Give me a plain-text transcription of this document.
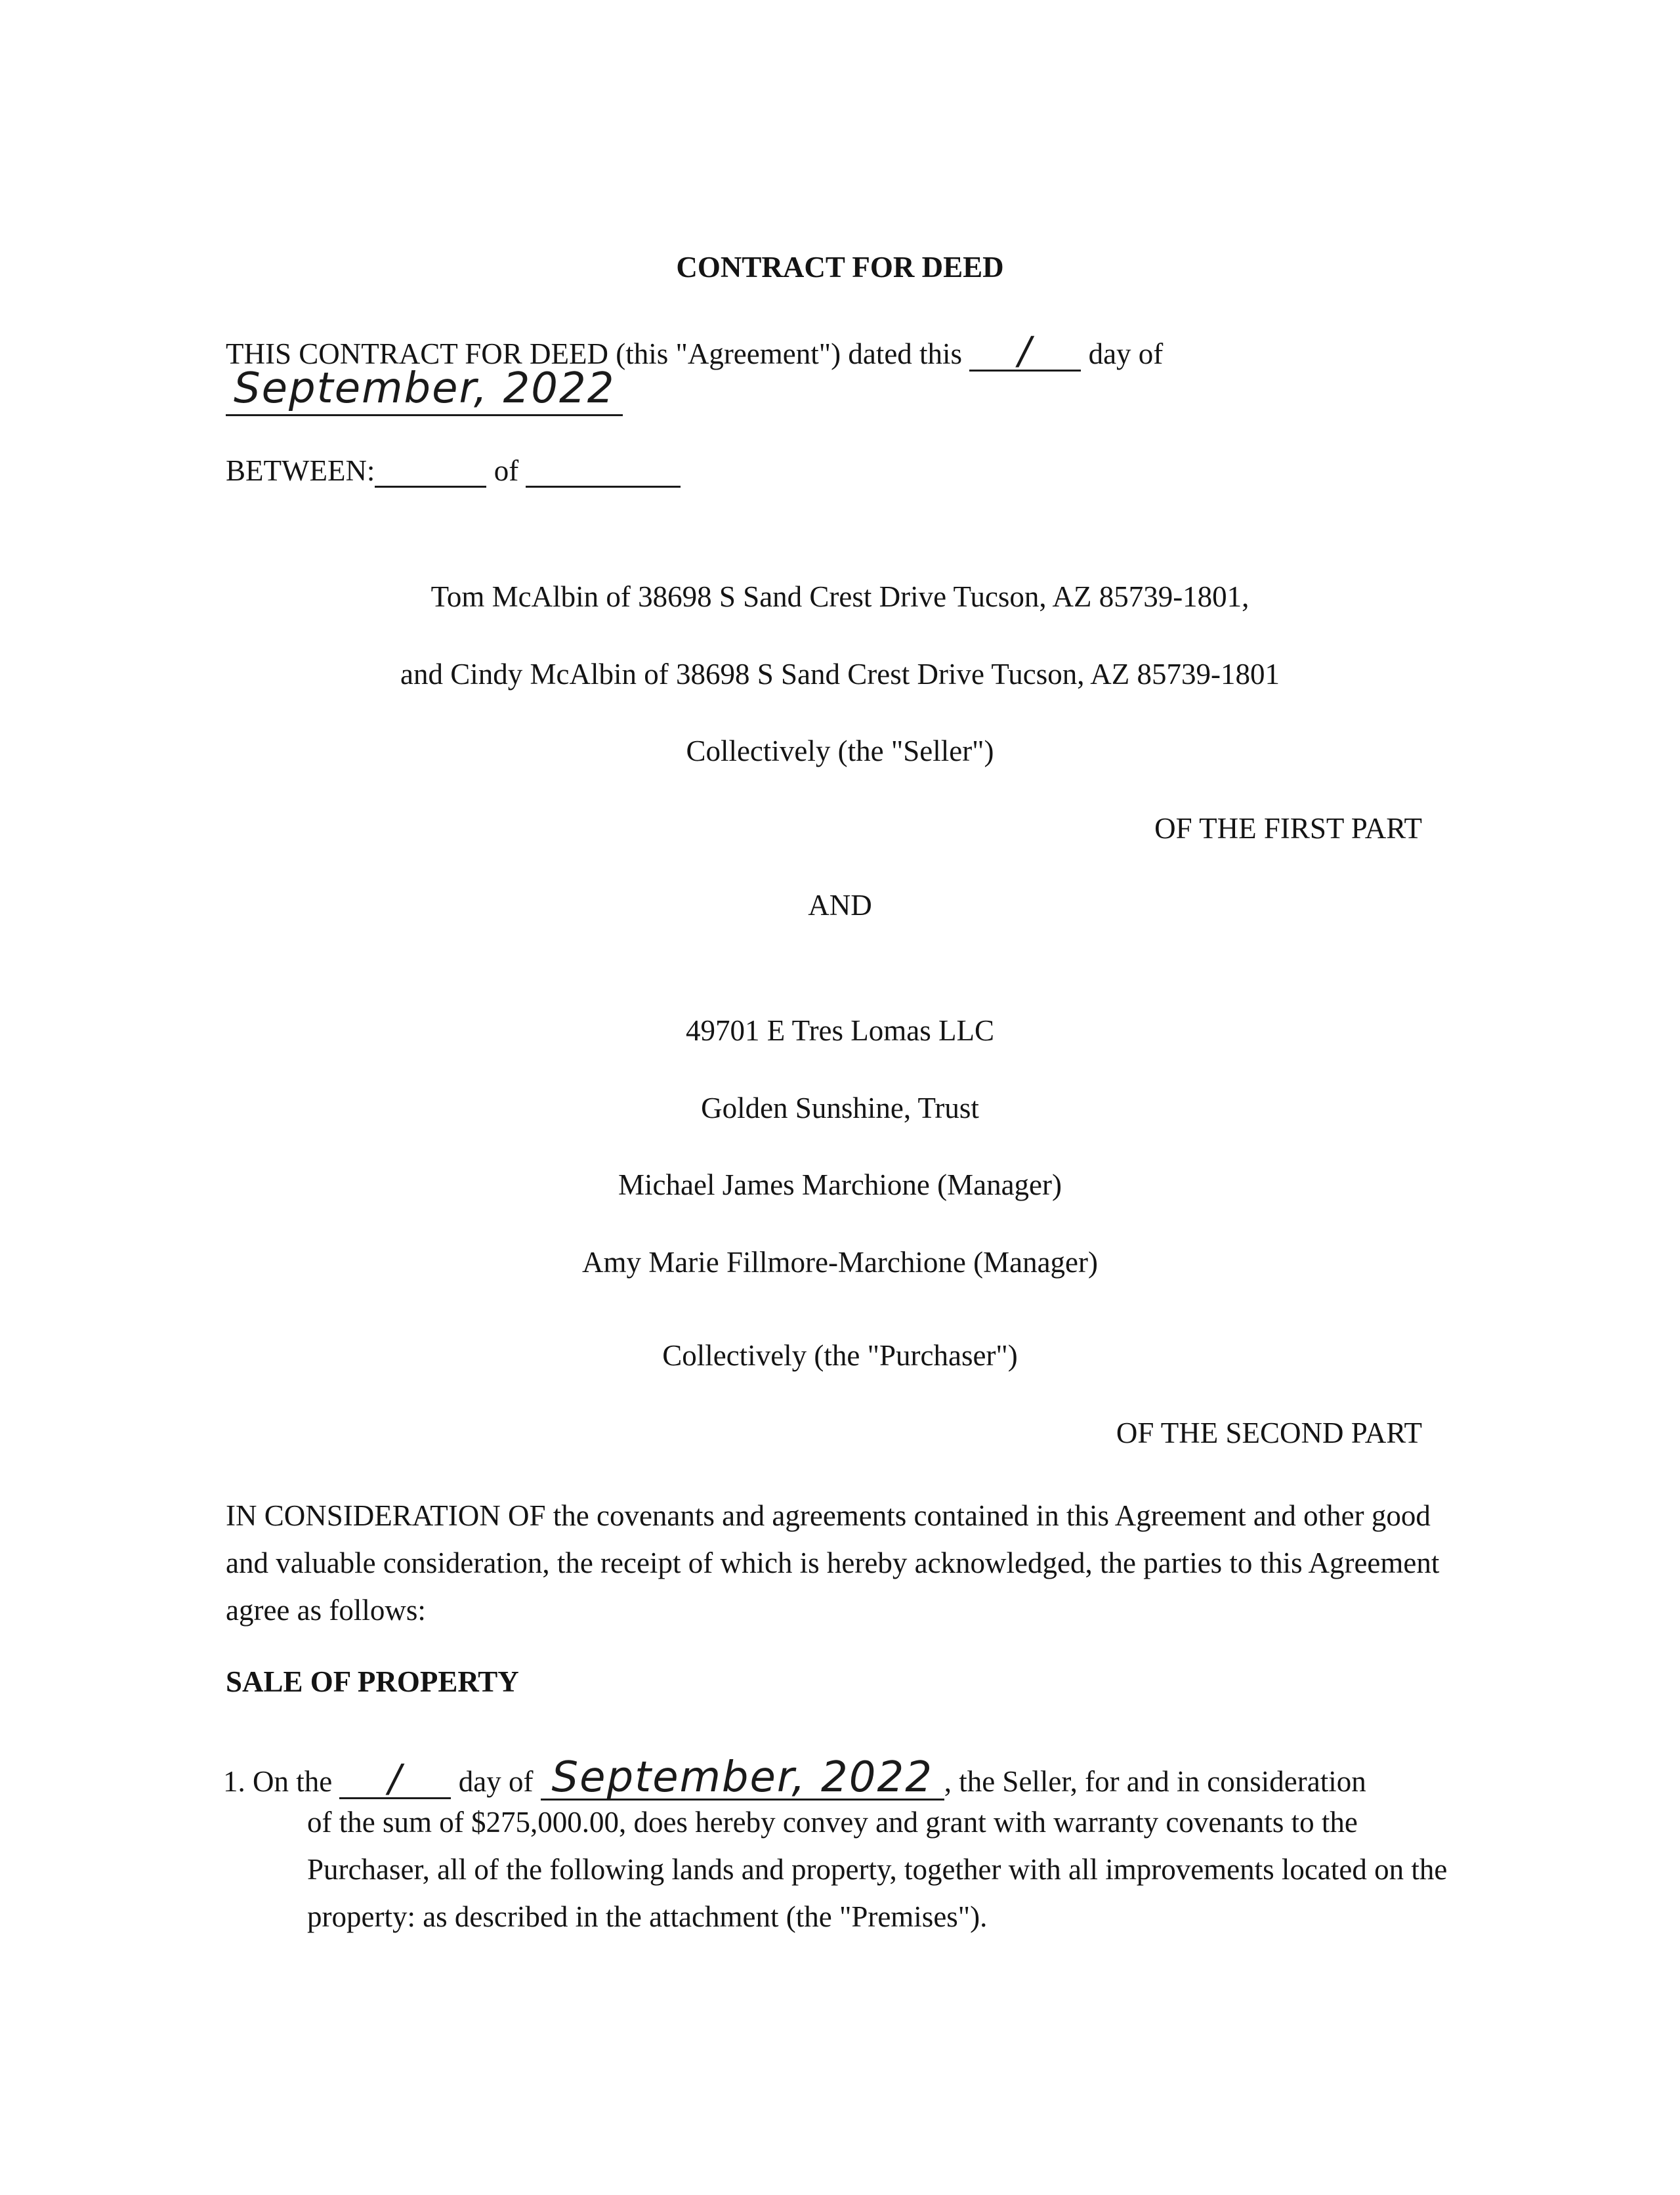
CONTRACT FOR DEED
THIS CONTRACT FOR DEED (this "Agreement") dated this / day of
September, 2022
BETWEEN:	of
Tom McAlbin of 38698 S Sand Crest Drive Tucson, AZ 85739-1801,
and Cindy McAlbin of 38698 S Sand Crest Drive Tucson, AZ 85739-1801
Collectively (the "Seller")
OF THE FIRST PART
AND
49701 E Tres Lomas LLC
Golden Sunshine, Trust
Michael James Marchione (Manager)
Amy Marie Fillmore-Marchione (Manager)
Collectively (the "Purchaser")
OF THE SECOND PART
IN CONSIDERATION OF the covenants and agreements contained in this Agreement and other good and valuable consideration, the receipt of which is hereby acknowledged, the parties to this Agreement agree as follows:
SALE OF PROPERTY
1. On the / day of September, 2022 , the Seller, for and in consideration
of the sum of $275,000.00, does hereby convey and grant with warranty covenants to the Purchaser, all of the following lands and property, together with all improvements located on the property: as described in the attachment (the "Premises").
